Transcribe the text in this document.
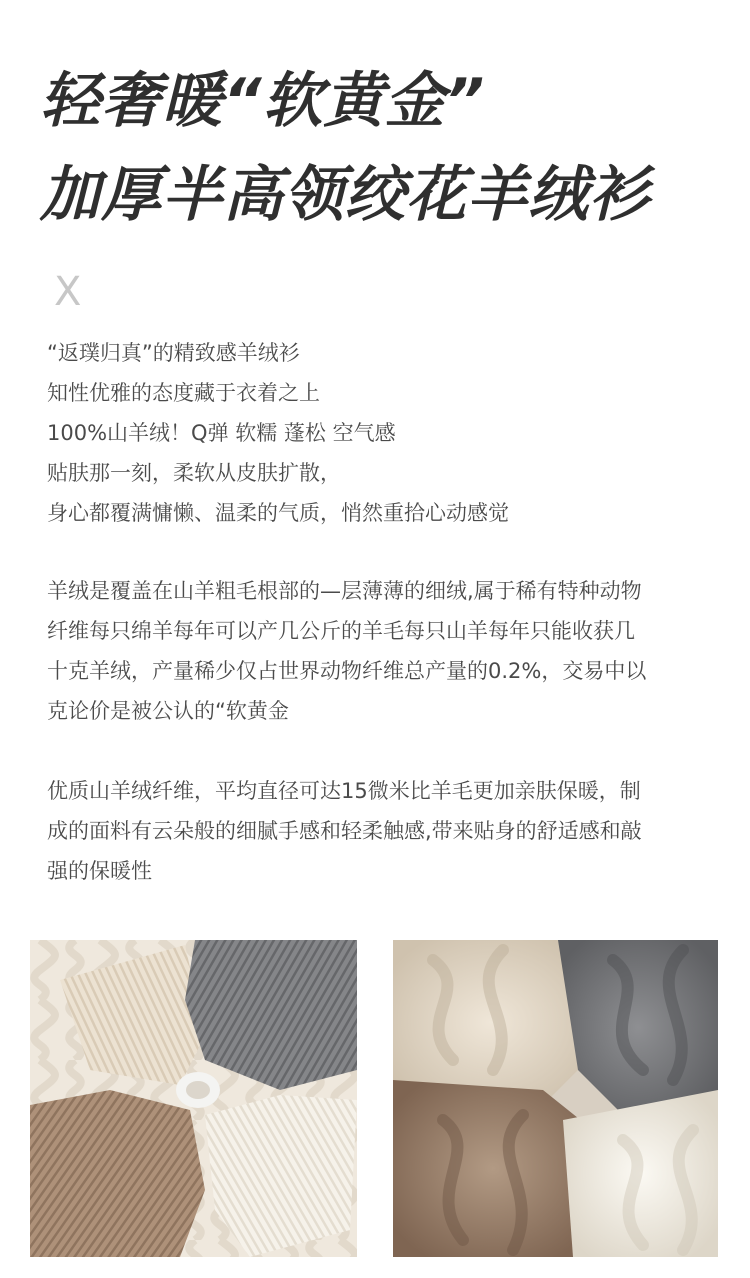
轻奢暖“软黄金”
加厚半高领绞花羊绒衫
X
“返璞归真”的精致感羊绒衫
知性优雅的态度藏于衣着之上
100%山羊绒！Q弹 软糯 蓬松 空气感
贴肤那一刻，柔软从皮肤扩散，
身心都覆满慵懒、温柔的气质，悄然重拾心动感觉
羊绒是覆盖在山羊粗毛根部的—层薄薄的细绒,属于稀有特种动物
纤维每只绵羊每年可以产几公斤的羊毛每只山羊每年只能收获几
十克羊绒，产量稀少仅占世界动物纤维总产量的0.2%，交易中以
克论价是被公认的“软黄金
优质山羊绒纤维，平均直径可达15微米比羊毛更加亲肤保暖，制
成的面料有云朵般的细腻手感和轻柔触感,带来贴身的舒适感和敲
强的保暖性
